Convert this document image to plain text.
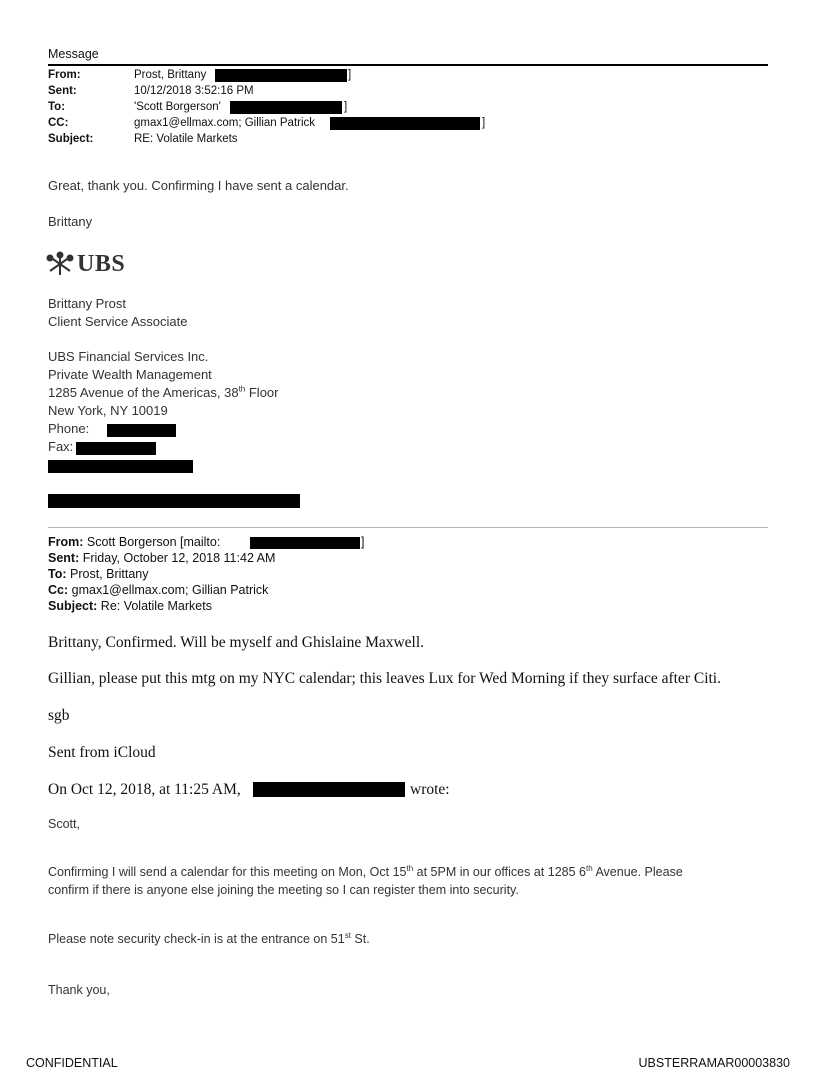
Message
From:	Prost, Brittany	]
Sent:	10/12/2018 3:52:16 PM
To:	'Scott Borgerson'	]
CC:	gmax1@ellmax.com; Gillian Patrick	]
Subject:	RE: Volatile Markets
Great, thank you. Confirming I have sent a calendar.
Brittany
UBS
Brittany Prost
Client Service Associate
UBS Financial Services Inc.
Private Wealth Management
1285 Avenue of the Americas, 38th Floor
New York, NY 10019
Phone:
Fax:
From: Scott Borgerson [mailto:	]
Sent: Friday, October 12, 2018 11:42 AM
To: Prost, Brittany
Cc: gmax1@ellmax.com; Gillian Patrick
Subject: Re: Volatile Markets
Brittany, Confirmed. Will be myself and Ghislaine Maxwell.
Gillian, please put this mtg on my NYC calendar; this leaves Lux for Wed Morning if they surface after Citi.
sgb
Sent from iCloud
On Oct 12, 2018, at 11:25 AM,	wrote:
Scott,
Confirming I will send a calendar for this meeting on Mon, Oct 15th at 5PM in our offices at 1285 6th Avenue. Please
confirm if there is anyone else joining the meeting so I can register them into security.
Please note security check-in is at the entrance on 51st St.
Thank you,
CONFIDENTIAL	UBSTERRAMAR00003830
